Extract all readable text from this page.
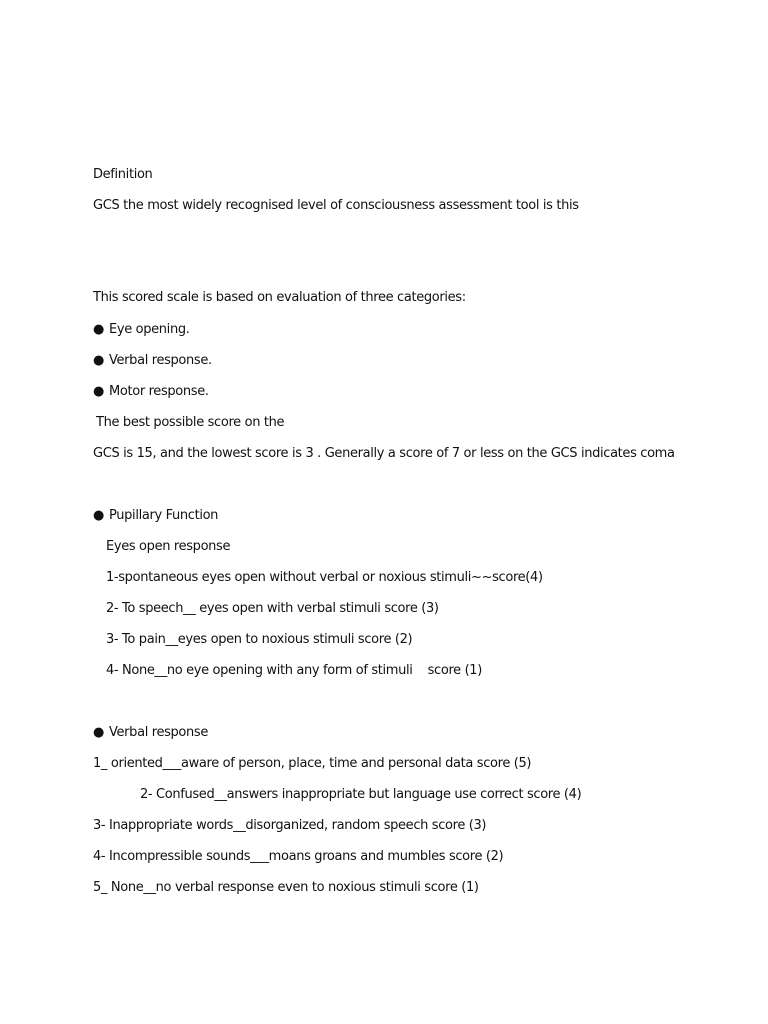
Definition
GCS the most widely recognised level of consciousness assessment tool is this
This scored scale is based on evaluation of three categories:
● Eye opening.
● Verbal response.
● Motor response.
The best possible score on the
GCS is 15, and the lowest score is 3 . Generally a score of 7 or less on the GCS indicates coma
● Pupillary Function
Eyes open response
1-spontaneous eyes open without verbal or noxious stimuli~~score(4)
2- To speech__ eyes open with verbal stimuli score (3)
3- To pain__eyes open to noxious stimuli score (2)
4- None__no eye opening with any form of stimuli    score (1)
● Verbal response
1_ oriented___aware of person, place, time and personal data score (5)
2- Confused__answers inappropriate but language use correct score (4)
3- Inappropriate words__disorganized, random speech score (3)
4- Incompressible sounds___moans groans and mumbles score (2)
5_ None__no verbal response even to noxious stimuli score (1)
